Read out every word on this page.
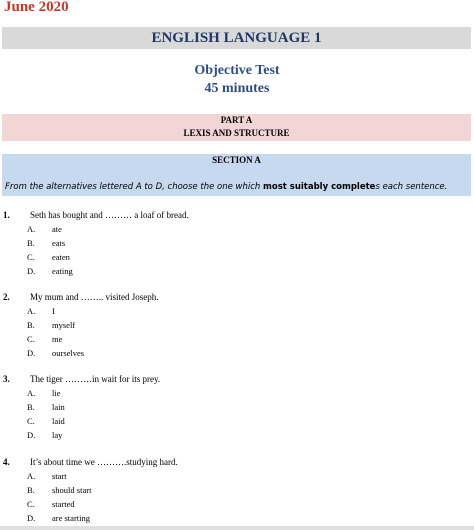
June 2020
ENGLISH LANGUAGE 1
Objective Test
45 minutes
PART A
LEXIS AND STRUCTURE
SECTION A
From the alternatives lettered A to D, choose the one which most suitably completes each sentence.
1. Seth has bought and ……… a loaf of bread.
A. ate
B. eats
C. eaten
D. eating
2. My mum and …….. visited Joseph.
A. I
B. myself
C. me
D. ourselves
3. The tiger ………in wait for its prey.
A. lie
B. lain
C. laid
D. lay
4. It’s about time we ……….studying hard.
A. start
B. should start
C. started
D. are starting
